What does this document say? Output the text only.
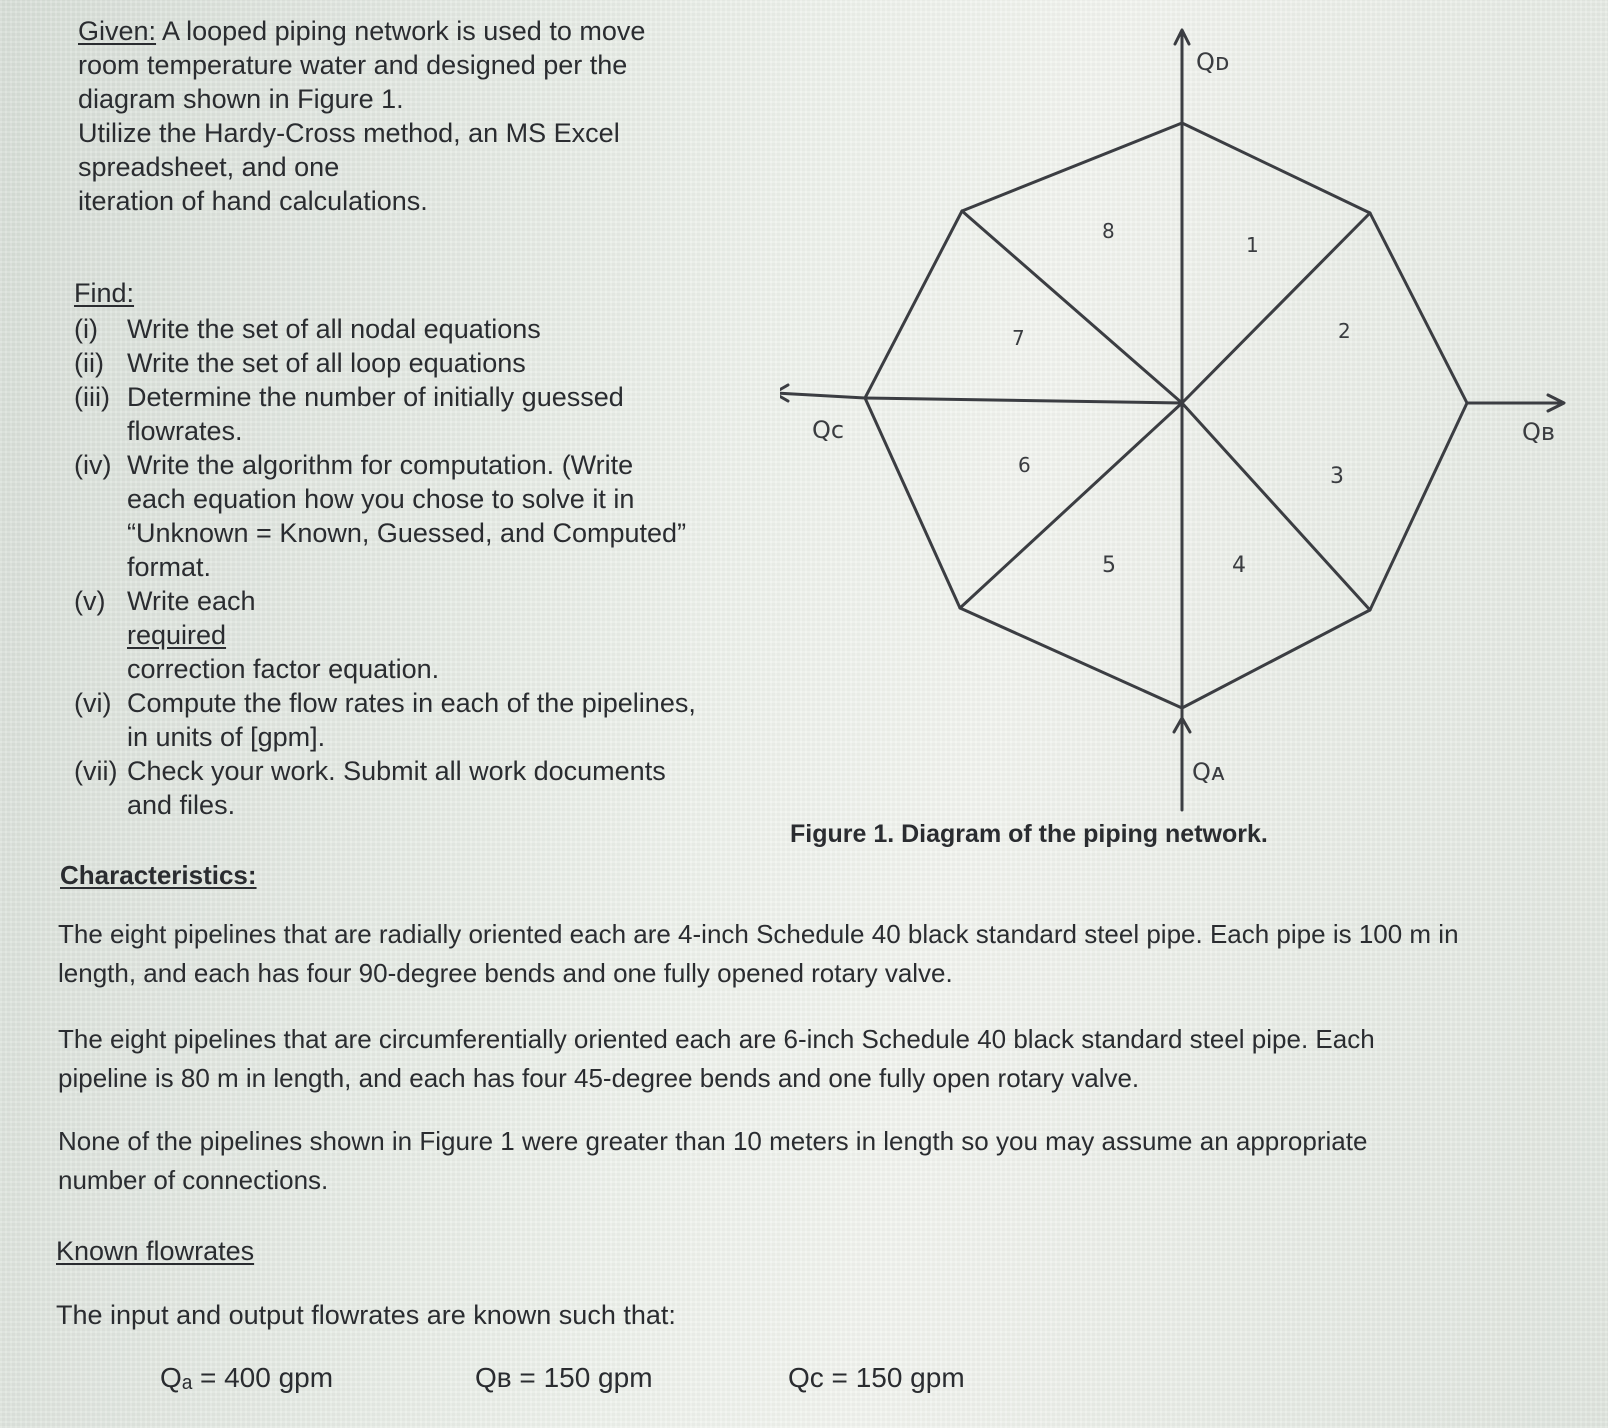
Given: A looped piping network is used to move
room temperature water and designed per the
diagram shown in Figure 1.
Utilize the Hardy-Cross method, an MS Excel
spreadsheet, and one
iteration of hand calculations.
Find:
(i)	Write the set of all nodal equations
(ii) Write the set of all loop equations
(iii) Determine the number of initially guessed
flowrates.
(iv) Write the algorithm for computation. (Write
each equation how you chose to solve it in
“Unknown = Known, Guessed, and Computed”
format.
(v) Write each
required
correction factor equation.
(vi) Compute the flow rates in each of the pipelines,
in units of [gpm].
(vii) Check your work. Submit all work documents
and files.
Qᴅ
Qʙ
Qc
Qᴀ
1
2
3
4
5
6
7
8
Figure 1. Diagram of the piping network.
Characteristics:
The eight pipelines that are radially oriented each are 4-inch Schedule 40 black standard steel pipe. Each pipe is 100 m in
length, and each has four 90-degree bends and one fully opened rotary valve.
The eight pipelines that are circumferentially oriented each are 6-inch Schedule 40 black standard steel pipe. Each
pipeline is 80 m in length, and each has four 45-degree bends and one fully open rotary valve.
None of the pipelines shown in Figure 1 were greater than 10 meters in length so you may assume an appropriate
number of connections.
Known flowrates
The input and output flowrates are known such that:
Qₐ = 400 gpm	Qʙ = 150 gpm	Qc = 150 gpm
